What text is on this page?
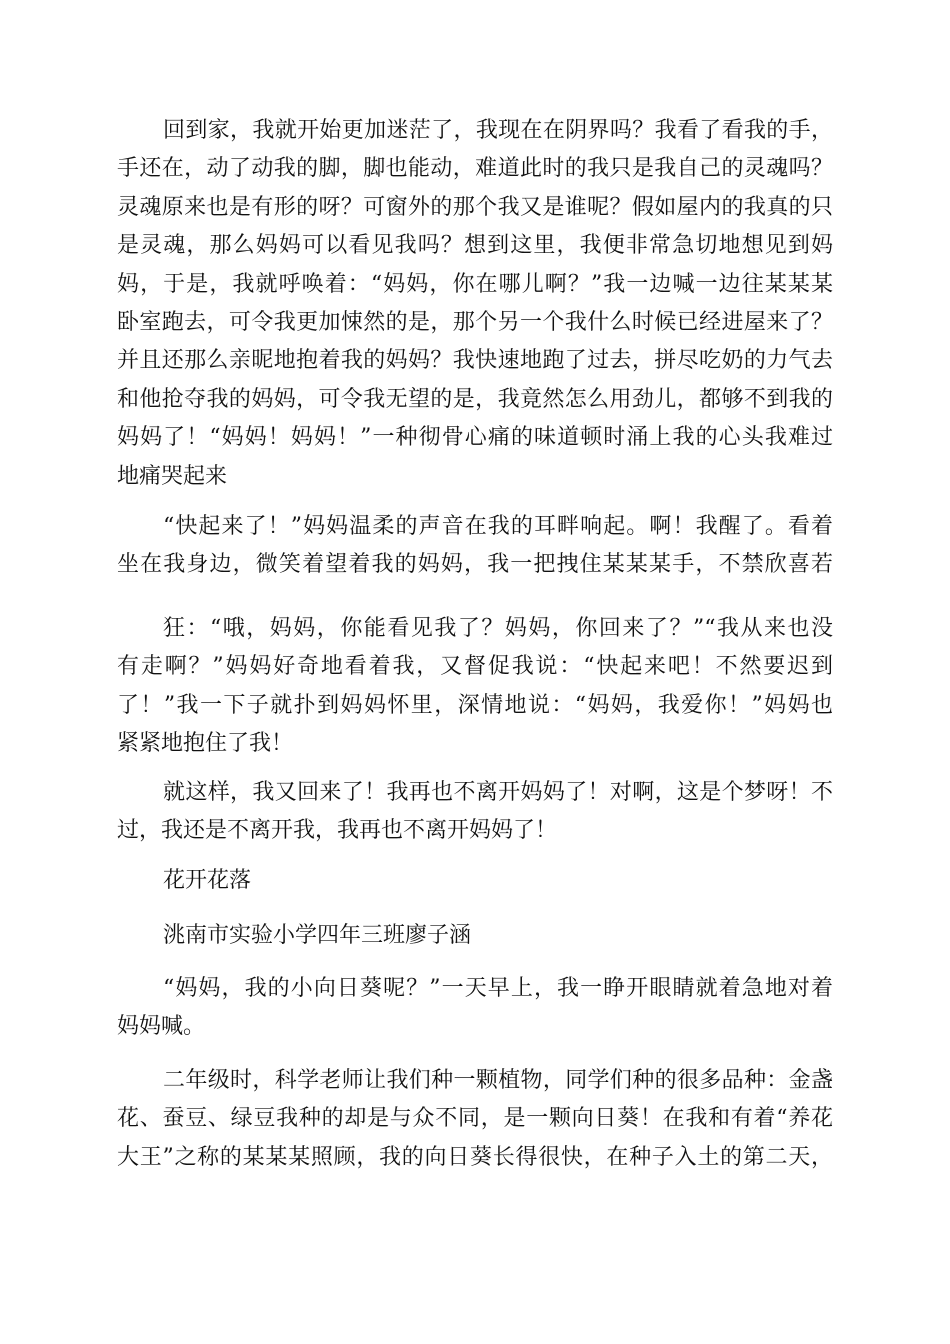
回到家，我就开始更加迷茫了，我现在在阴界吗？我看了看我的手，
手还在，动了动我的脚，脚也能动，难道此时的我只是我自己的灵魂吗？
灵魂原来也是有形的呀？可窗外的那个我又是谁呢？假如屋内的我真的只
是灵魂，那么妈妈可以看见我吗？想到这里，我便非常急切地想见到妈
妈，于是，我就呼唤着：“妈妈，你在哪儿啊？”我一边喊一边往某某某
卧室跑去，可令我更加悚然的是，那个另一个我什么时候已经进屋来了？
并且还那么亲昵地抱着我的妈妈？我快速地跑了过去，拼尽吃奶的力气去
和他抢夺我的妈妈，可令我无望的是，我竟然怎么用劲儿，都够不到我的
妈妈了！“妈妈！妈妈！”一种彻骨心痛的味道顿时涌上我的心头我难过
地痛哭起来
“快起来了！”妈妈温柔的声音在我的耳畔响起。啊！我醒了。看着
坐在我身边，微笑着望着我的妈妈，我一把拽住某某某手，不禁欣喜若
狂：“哦，妈妈，你能看见我了？妈妈，你回来了？”“我从来也没
有走啊？”妈妈好奇地看着我，又督促我说：“快起来吧！不然要迟到
了！”我一下子就扑到妈妈怀里，深情地说：“妈妈，我爱你！”妈妈也
紧紧地抱住了我！
就这样，我又回来了！我再也不离开妈妈了！对啊，这是个梦呀！不
过，我还是不离开我，我再也不离开妈妈了！
花开花落
洮南市实验小学四年三班廖子涵
“妈妈，我的小向日葵呢？”一天早上，我一睁开眼睛就着急地对着
妈妈喊。
二年级时，科学老师让我们种一颗植物，同学们种的很多品种：金盏
花、蚕豆、绿豆我种的却是与众不同，是一颗向日葵！在我和有着“养花
大王”之称的某某某照顾，我的向日葵长得很快，在种子入土的第二天，
